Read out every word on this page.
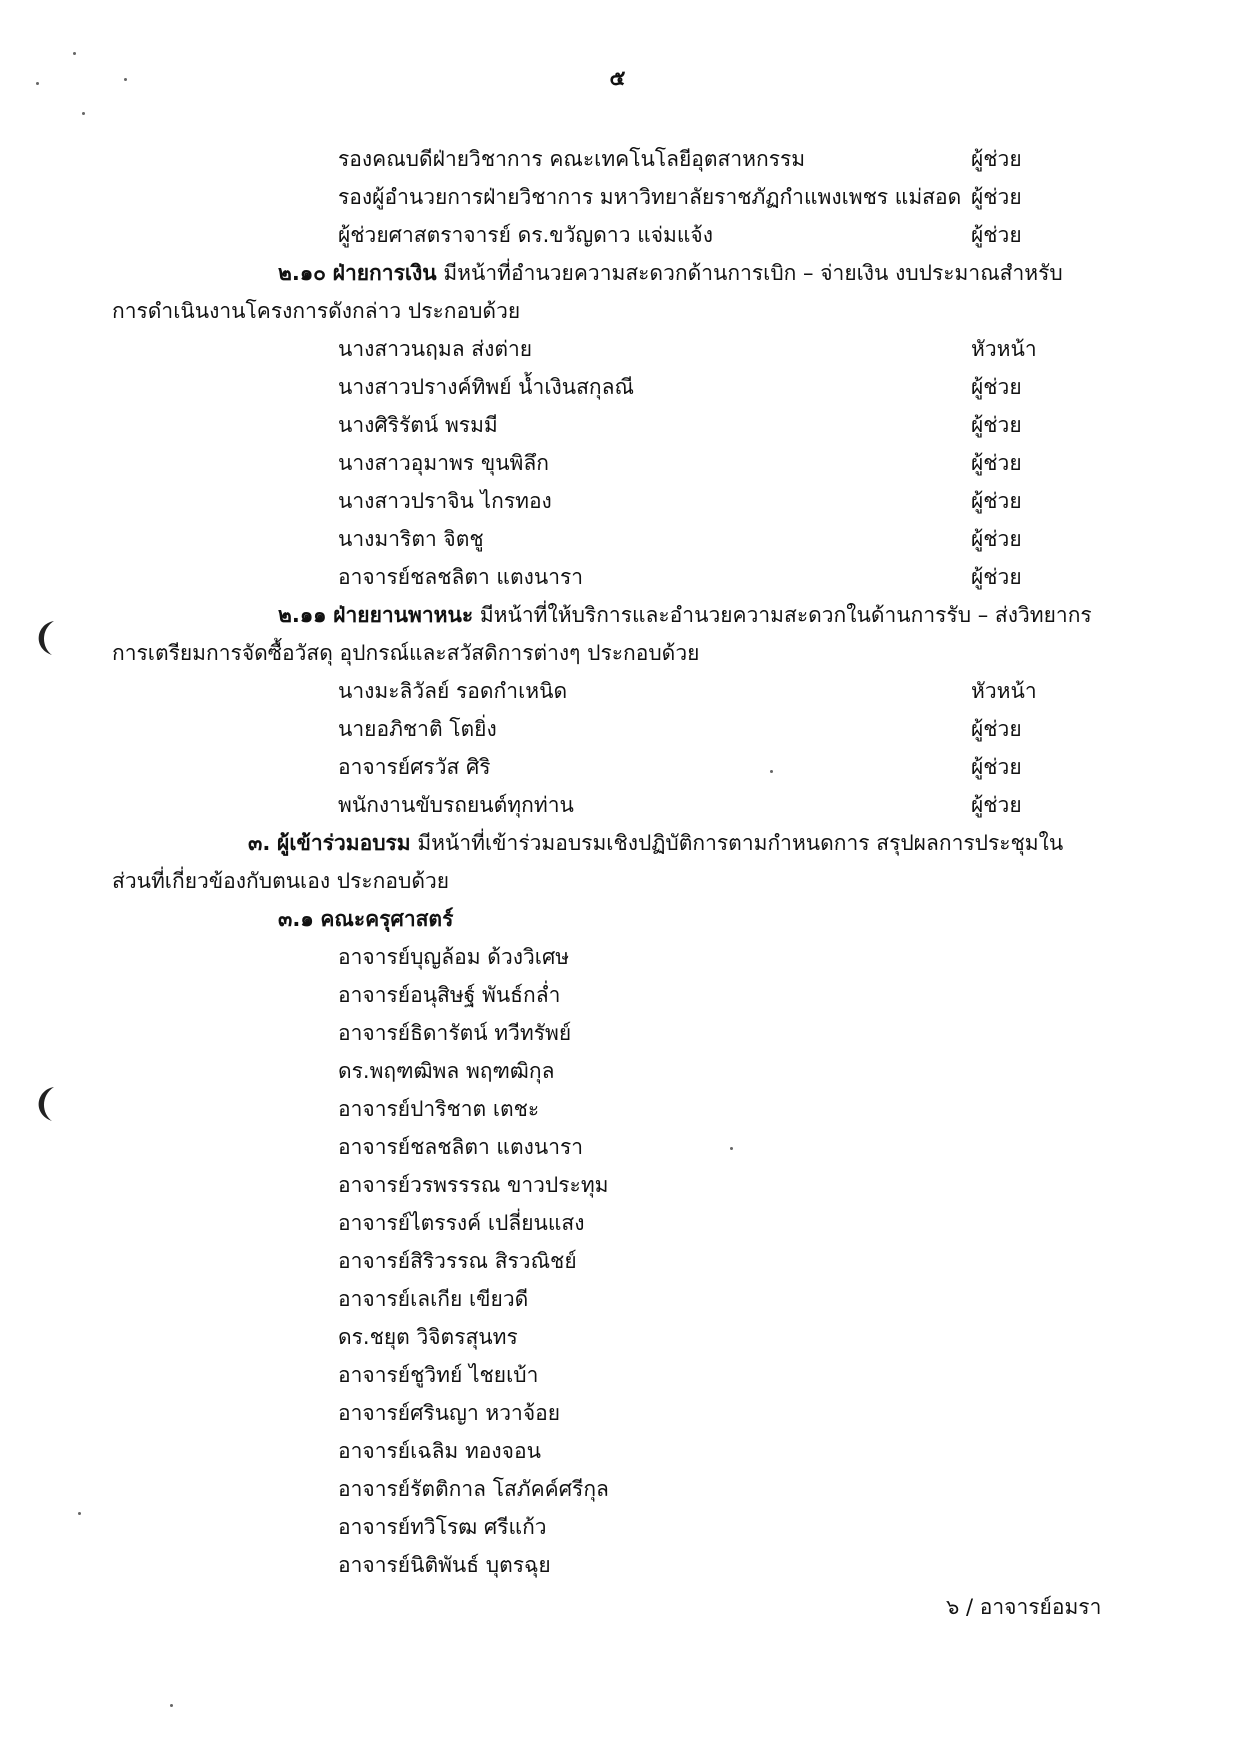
๕
รองคณบดีฝ่ายวิชาการ คณะเทคโนโลยีอุตสาหกรรม	ผู้ช่วย
รองผู้อำนวยการฝ่ายวิชาการ มหาวิทยาลัยราชภัฏกำแพงเพชร แม่สอด ผู้ช่วย
ผู้ช่วยศาสตราจารย์ ดร.ขวัญดาว แจ่มแจ้ง	ผู้ช่วย
๒.๑๐ ฝ่ายการเงิน มีหน้าที่อำนวยความสะดวกด้านการเบิก – จ่ายเงิน งบประมาณสำหรับ
การดำเนินงานโครงการดังกล่าว ประกอบด้วย
นางสาวนฤมล ส่งต่าย	หัวหน้า
นางสาวปรางค์ทิพย์ น้ำเงินสกุลณี	ผู้ช่วย
นางศิริรัตน์ พรมมี	ผู้ช่วย
นางสาวอุมาพร ขุนพิลึก	ผู้ช่วย
นางสาวปราจิน ไกรทอง	ผู้ช่วย
นางมาริตา จิตชู	ผู้ช่วย
อาจารย์ชลชลิตา แตงนารา	ผู้ช่วย
๒.๑๑ ฝ่ายยานพาหนะ มีหน้าที่ให้บริการและอำนวยความสะดวกในด้านการรับ – ส่งวิทยากร
การเตรียมการจัดซื้อวัสดุ อุปกรณ์และสวัสดิการต่างๆ ประกอบด้วย
นางมะลิวัลย์ รอดกำเหนิด	หัวหน้า
นายอภิชาติ โตยิ่ง	ผู้ช่วย
อาจารย์ศรวัส ศิริ	ผู้ช่วย
พนักงานขับรถยนต์ทุกท่าน	ผู้ช่วย
๓. ผู้เข้าร่วมอบรม มีหน้าที่เข้าร่วมอบรมเชิงปฏิบัติการตามกำหนดการ สรุปผลการประชุมใน
ส่วนที่เกี่ยวข้องกับตนเอง ประกอบด้วย
๓.๑ คณะครุศาสตร์
อาจารย์บุญล้อม ด้วงวิเศษ
อาจารย์อนุสิษฐ์ พันธ์กล่ำ
อาจารย์ธิดารัตน์ ทวีทรัพย์
ดร.พฤฑฒิพล พฤฑฒิกุล
อาจารย์ปาริชาต เตชะ
อาจารย์ชลชลิตา แตงนารา
อาจารย์วรพรรรณ ขาวประทุม
อาจารย์ไตรรงค์ เปลี่ยนแสง
อาจารย์สิริวรรณ สิรวณิชย์
อาจารย์เลเกีย เขียวดี
ดร.ชยุต วิจิตรสุนทร
อาจารย์ชูวิทย์ ไชยเบ้า
อาจารย์ศรินญา หวาจ้อย
อาจารย์เฉลิม ทองจอน
อาจารย์รัตติกาล โสภัคค์ศรีกุล
อาจารย์ทวิโรฒ ศรีแก้ว
อาจารย์นิติพันธ์ บุตรฉุย
๖ / อาจารย์อมรา
